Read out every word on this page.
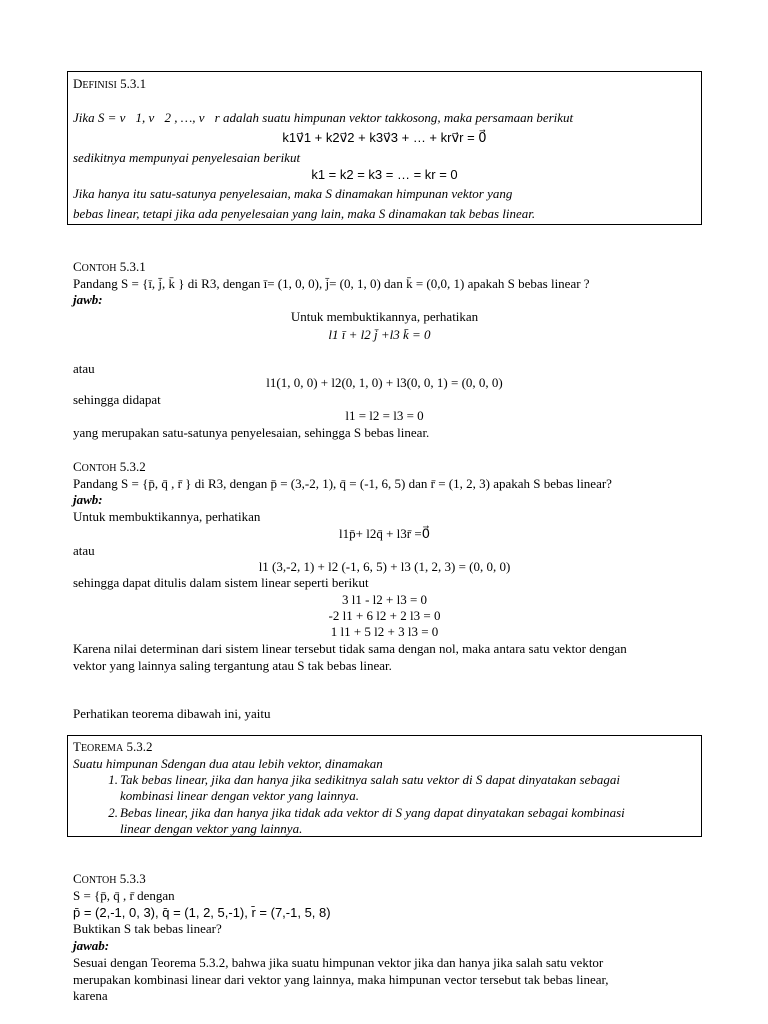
DEFINISI 5.3.1
Jika S = v⃗1, v⃗2 , …, v⃗r adalah suatu himpunan vektor takkosong, maka persamaan berikut
k1v⃗1 + k2v⃗2 + k3v⃗3 + … + krv⃗r = 0⃗
sedikitnya mempunyai penyelesaian berikut
k1 = k2 = k3 = … = kr = 0
Jika hanya itu satu-satunya penyelesaian, maka S dinamakan himpunan vektor yang
bebas linear, tetapi jika ada penyelesaian yang lain, maka S dinamakan tak bebas linear.
CONTOH 5.3.1
Pandang S = {ī, j̄, k̄ } di R3, dengan ī= (1, 0, 0), j̄= (0, 1, 0) dan k̄ = (0,0, 1) apakah S bebas linear ?
jawb:
Untuk membuktikannya, perhatikan
l1 ī + l2 j̄ +l3 k̄ = 0⃗
atau
l1(1, 0, 0) + l2(0, 1, 0) + l3(0, 0, 1) = (0, 0, 0)
sehingga didapat
l1 = l2 = l3 = 0
yang merupakan satu-satunya penyelesaian, sehingga S bebas linear.
CONTOH 5.3.2
Pandang S = {p̄, q̄ , r̄ } di R3, dengan p̄ = (3,-2, 1), q̄ = (-1, 6, 5) dan r̄ = (1, 2, 3) apakah S bebas linear?
jawb:
Untuk membuktikannya, perhatikan
l1p̄+ l2q̄ + l3r̄ =0⃗
atau
l1 (3,-2, 1) + l2 (-1, 6, 5) + l3 (1, 2, 3) = (0, 0, 0)
sehingga dapat ditulis dalam sistem linear seperti berikut
3 l1 - l2 + l3 = 0
-2 l1 + 6 l2 + 2 l3 = 0
1 l1 + 5 l2 + 3 l3 = 0
Karena nilai determinan dari sistem linear tersebut tidak sama dengan nol, maka antara satu vektor dengan
vektor yang lainnya saling tergantung atau S tak bebas linear.
Perhatikan teorema dibawah ini, yaitu
TEOREMA 5.3.2
Suatu himpunan Sdengan dua atau lebih vektor, dinamakan
1. Tak bebas linear, jika dan hanya jika sedikitnya salah satu vektor di S dapat dinyatakan sebagai
kombinasi linear dengan vektor yang lainnya.
2. Bebas linear, jika dan hanya jika tidak ada vektor di S yang dapat dinyatakan sebagai kombinasi
linear dengan vektor yang lainnya.
CONTOH 5.3.3
S = {p̄, q̄ , r̄ dengan
p̄ = (2,-1, 0, 3), q̄ = (1, 2, 5,-1), r̄ = (7,-1, 5, 8)
Buktikan S tak bebas linear?
jawab:
Sesuai dengan Teorema 5.3.2, bahwa jika suatu himpunan vektor jika dan hanya jika salah satu vektor
merupakan kombinasi linear dari vektor yang lainnya, maka himpunan vector tersebut tak bebas linear,
karena
